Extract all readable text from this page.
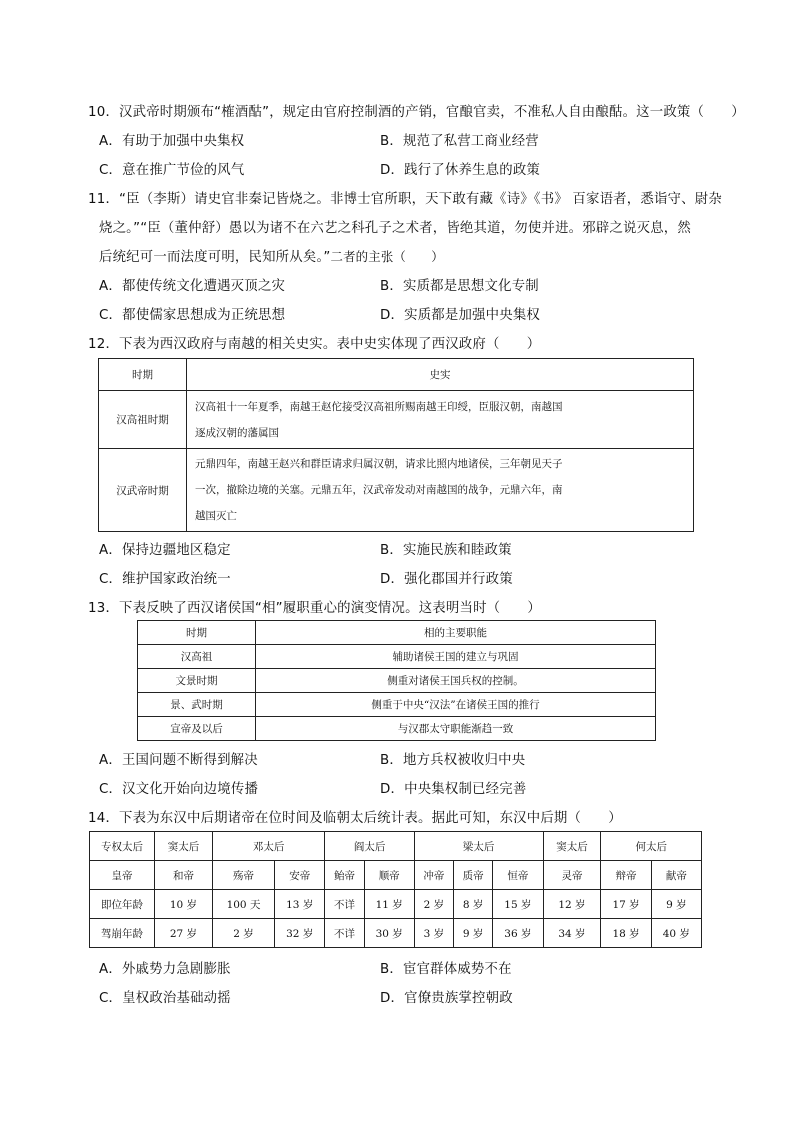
10．汉武帝时期颁布“榷酒酤”，规定由官府控制酒的产销，官酿官卖，不准私人自由酿酤。这一政策（　　）
A．有助于加强中央集权	B．规范了私营工商业经营
C．意在推广节俭的风气	D．践行了休养生息的政策
11．“臣（李斯）请史官非秦记皆烧之。非博士官所职，天下敢有藏《诗》《书》 百家语者，悉诣守、尉杂
烧之。”“臣（董仲舒）愚以为诸不在六艺之科孔子之术者，皆绝其道，勿使并进。邪辟之说灭息，然
后统纪可一而法度可明，民知所从矣。”二者的主张（　　）
A．都使传统文化遭遇灭顶之灾	B．实质都是思想文化专制
C．都使儒家思想成为正统思想	D．实质都是加强中央集权
12．下表为西汉政府与南越的相关史实。表中史实体现了西汉政府（　　）
时期	史实
汉高祖时期	汉高祖十一年夏季，南越王赵佗接受汉高祖所赐南越王印绶，臣服汉朝，南越国
逐成汉朝的藩属国

汉武帝时期	元鼎四年，南越王赵兴和群臣请求归属汉朝，请求比照内地诸侯，三年朝见天子
一次，撤除边境的关塞。元鼎五年，汉武帝发动对南越国的战争，元鼎六年，南
越国灭亡
A．保持边疆地区稳定	B．实施民族和睦政策
C．维护国家政治统一	D．强化郡国并行政策
13．下表反映了西汉诸侯国“相”履职重心的演变情况。这表明当时（　　）
时期	相的主要职能
汉高祖	辅助诸侯王国的建立与巩固
文景时期	侧重对诸侯王国兵权的控制。
景、武时期	侧重于中央“汉法”在诸侯王国的推行
宣帝及以后	与汉郡太守职能渐趋一致
A．王国问题不断得到解决	B．地方兵权被收归中央
C．汉文化开始向边境传播	D．中央集权制已经完善
14．下表为东汉中后期诸帝在位时间及临朝太后统计表。据此可知，东汉中后期（　　）
专权太后	窦太后	邓太后		阎太后		梁太后			窦太后	何太后	
皇帝	和帝	殇帝	安帝	鲐帝	顺帝	冲帝	质帝	恒帝	灵帝	辩帝	献帝
即位年龄	10 岁	100 天	13 岁	不详	11 岁	2 岁	8 岁	15 岁	12 岁	17 岁	9 岁
驾崩年龄	27 岁	2 岁	32 岁	不详	30 岁	3 岁	9 岁	36 岁	34 岁	18 岁	40 岁
A．外戚势力急剧膨胀	B．宦官群体威势不在
C．皇权政治基础动摇	D．官僚贵族掌控朝政
